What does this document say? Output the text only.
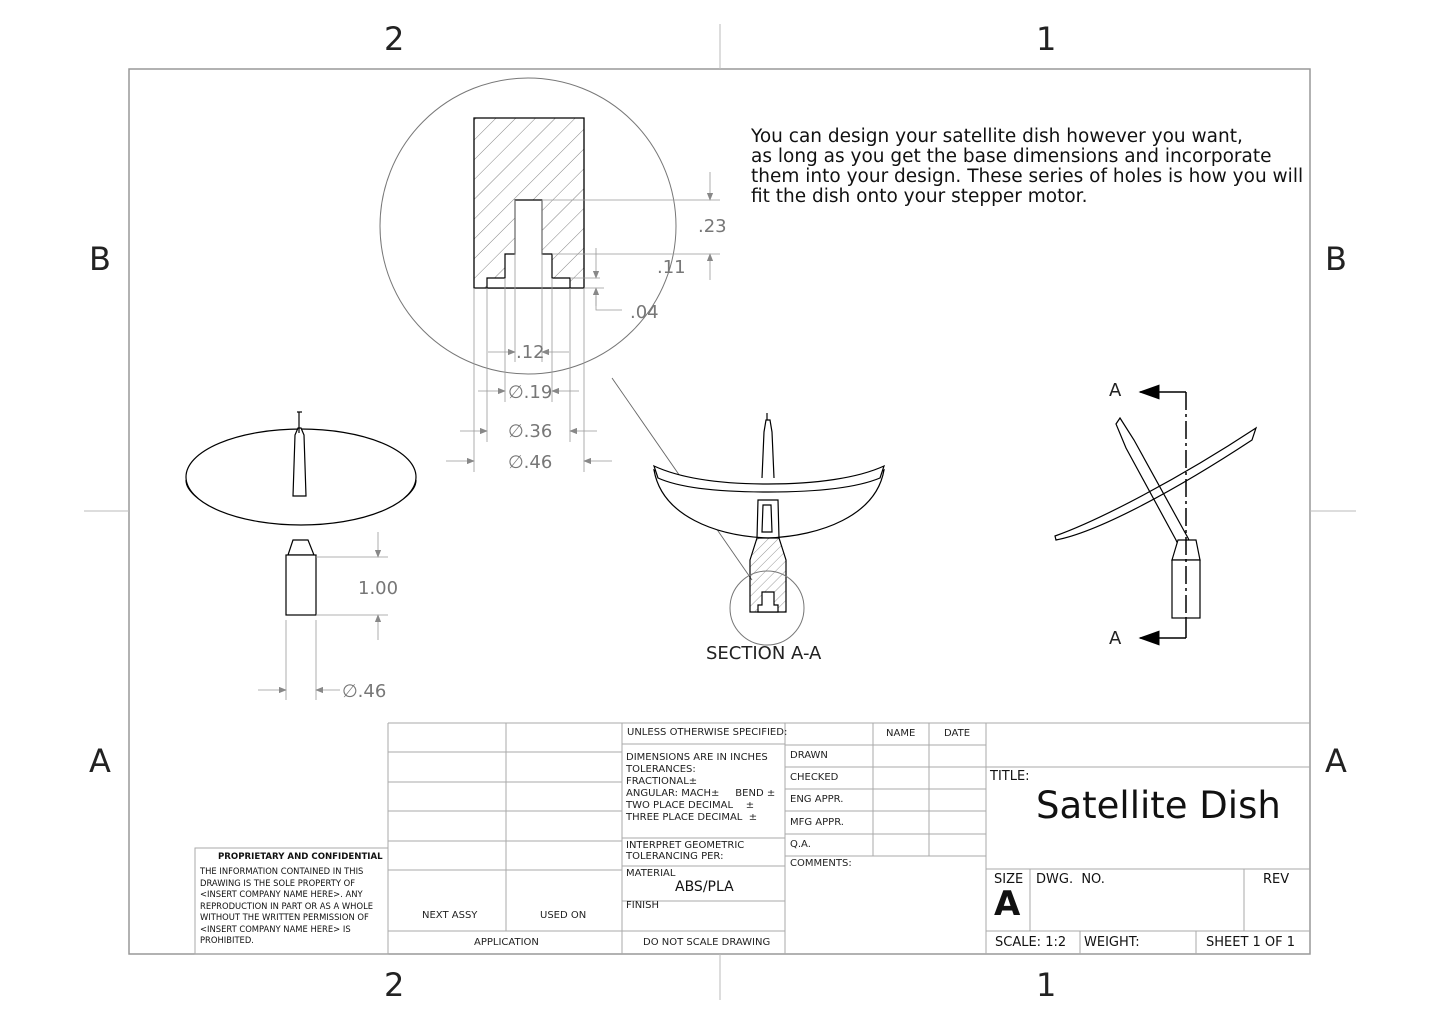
2	1
2	1
B	B
A	A
You can design your satellite dish however you want,
as long as you get the base dimensions and incorporate
them into your design. These series of holes is how you will
fit the dish onto your stepper motor.
.23
.11
.04
.12
∅.19
∅.36
∅.46
1.00
∅.46
SECTION A-A
A
A
UNLESS OTHERWISE SPECIFIED:	NAME	DATE
DIMENSIONS ARE IN INCHES
TOLERANCES:
FRACTIONAL±
ANGULAR: MACH±     BEND ±
TWO PLACE DECIMAL    ±
THREE PLACE DECIMAL  ±
DRAWN
CHECKED
ENG APPR.
MFG APPR.
Q.A.
COMMENTS:
INTERPRET GEOMETRIC
TOLERANCING PER:
MATERIAL
ABS/PLA
FINISH
DO NOT SCALE DRAWING
NEXT ASSY	USED ON
APPLICATION
TITLE:
Satellite Dish
SIZE
A
DWG.  NO.	REV
SCALE: 1:2 WEIGHT:	SHEET 1 OF 1
PROPRIETARY AND CONFIDENTIAL
THE INFORMATION CONTAINED IN THIS DRAWING IS THE SOLE PROPERTY OF <INSERT COMPANY NAME HERE>. ANY REPRODUCTION IN PART OR AS A WHOLE WITHOUT THE WRITTEN PERMISSION OF <INSERT COMPANY NAME HERE> IS PROHIBITED.
